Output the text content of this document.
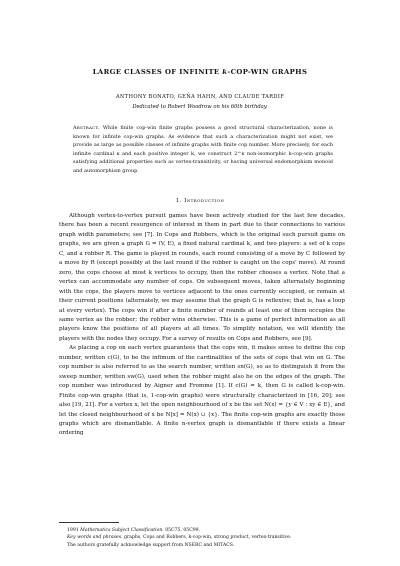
LARGE CLASSES OF INFINITE k-COP-WIN GRAPHS
ANTHONY BONATO, GEÑA HAHN, AND CLAUDE TARDIF
Dedicated to Robert Woodrow on his 60th birthday.
Abstract. While finite cop-win finite graphs possess a good structural characterization, none is known for infinite cop-win graphs. As evidence that such a characterization might not exist, we provide as large as possible classes of infinite graphs with finite cop number. More precisely, for each infinite cardinal κ and each positive integer k, we construct 2^κ non-isomorphic k-cop-win graphs satisfying additional properties such as vertex-transitivity, or having universal endomorphism monoid and automorphism group.
1. Introduction

Although vertex-to-vertex pursuit games have been actively studied for the last few decades, there has been a recent resurgence of interest in them in part due to their connections to various graph width parameters; see [7]. In Cops and Robbers, which is the original such pursuit game on graphs, we are given a graph G = (V, E), a fixed natural cardinal k, and two players: a set of k cops C, and a robber R. The game is played in rounds, each round consisting of a move by C followed by a move by R (except possibly at the last round if the robber is caught on the cops' move). At round zero, the cops choose at most k vertices to occupy, then the robber chooses a vertex. Note that a vertex can accommodate any number of cops. On subsequent moves, taken alternately beginning with the cops, the players move to vertices adjacent to the ones currently occupied, or remain at their current positions (alternately, we may assume that the graph G is reflexive; that is, has a loop at every vertex). The cops win if after a finite number of rounds at least one of them occupies the same vertex as the robber; the robber wins otherwise. This is a game of perfect information as all players know the positions of all players at all times. To simplify notation, we will identify the players with the nodes they occupy. For a survey of results on Cops and Robbers, see [9].

As placing a cop on each vertex guarantees that the cops win, it makes sense to define the cop number, written c(G), to be the infimum of the cardinalities of the sets of cops that win on G. The cop number is also referred to as the search number, written sn(G), so as to distinguish it from the sweep number, written sw(G), used when the robber might also be on the edges of the graph. The cop number was introduced by Aigner and Fromme [1]. If c(G) = k, then G is called k-cop-win. Finite cop-win graphs (that is, 1-cop-win graphs) were structurally characterized in [16, 20]; see also [19, 21]. For a vertex x, let the open neighbourhood of x be the set N(x) = {y ∈ V : xy ∈ E}, and let the closed neighbourhood of x be N[x] = N(x) ∪ {x}. The finite cop-win graphs are exactly those graphs which are dismantlable. A finite n-vertex graph is dismantlable if there exists a linear ordering

1991 Mathematics Subject Classification. 05C75, 05C99.
Key words and phrases. graphs, Cops and Robbers, k-cop-win, strong product, vertex-transitive.
The authors gratefully acknowledge support from NSERC and MITACS.
